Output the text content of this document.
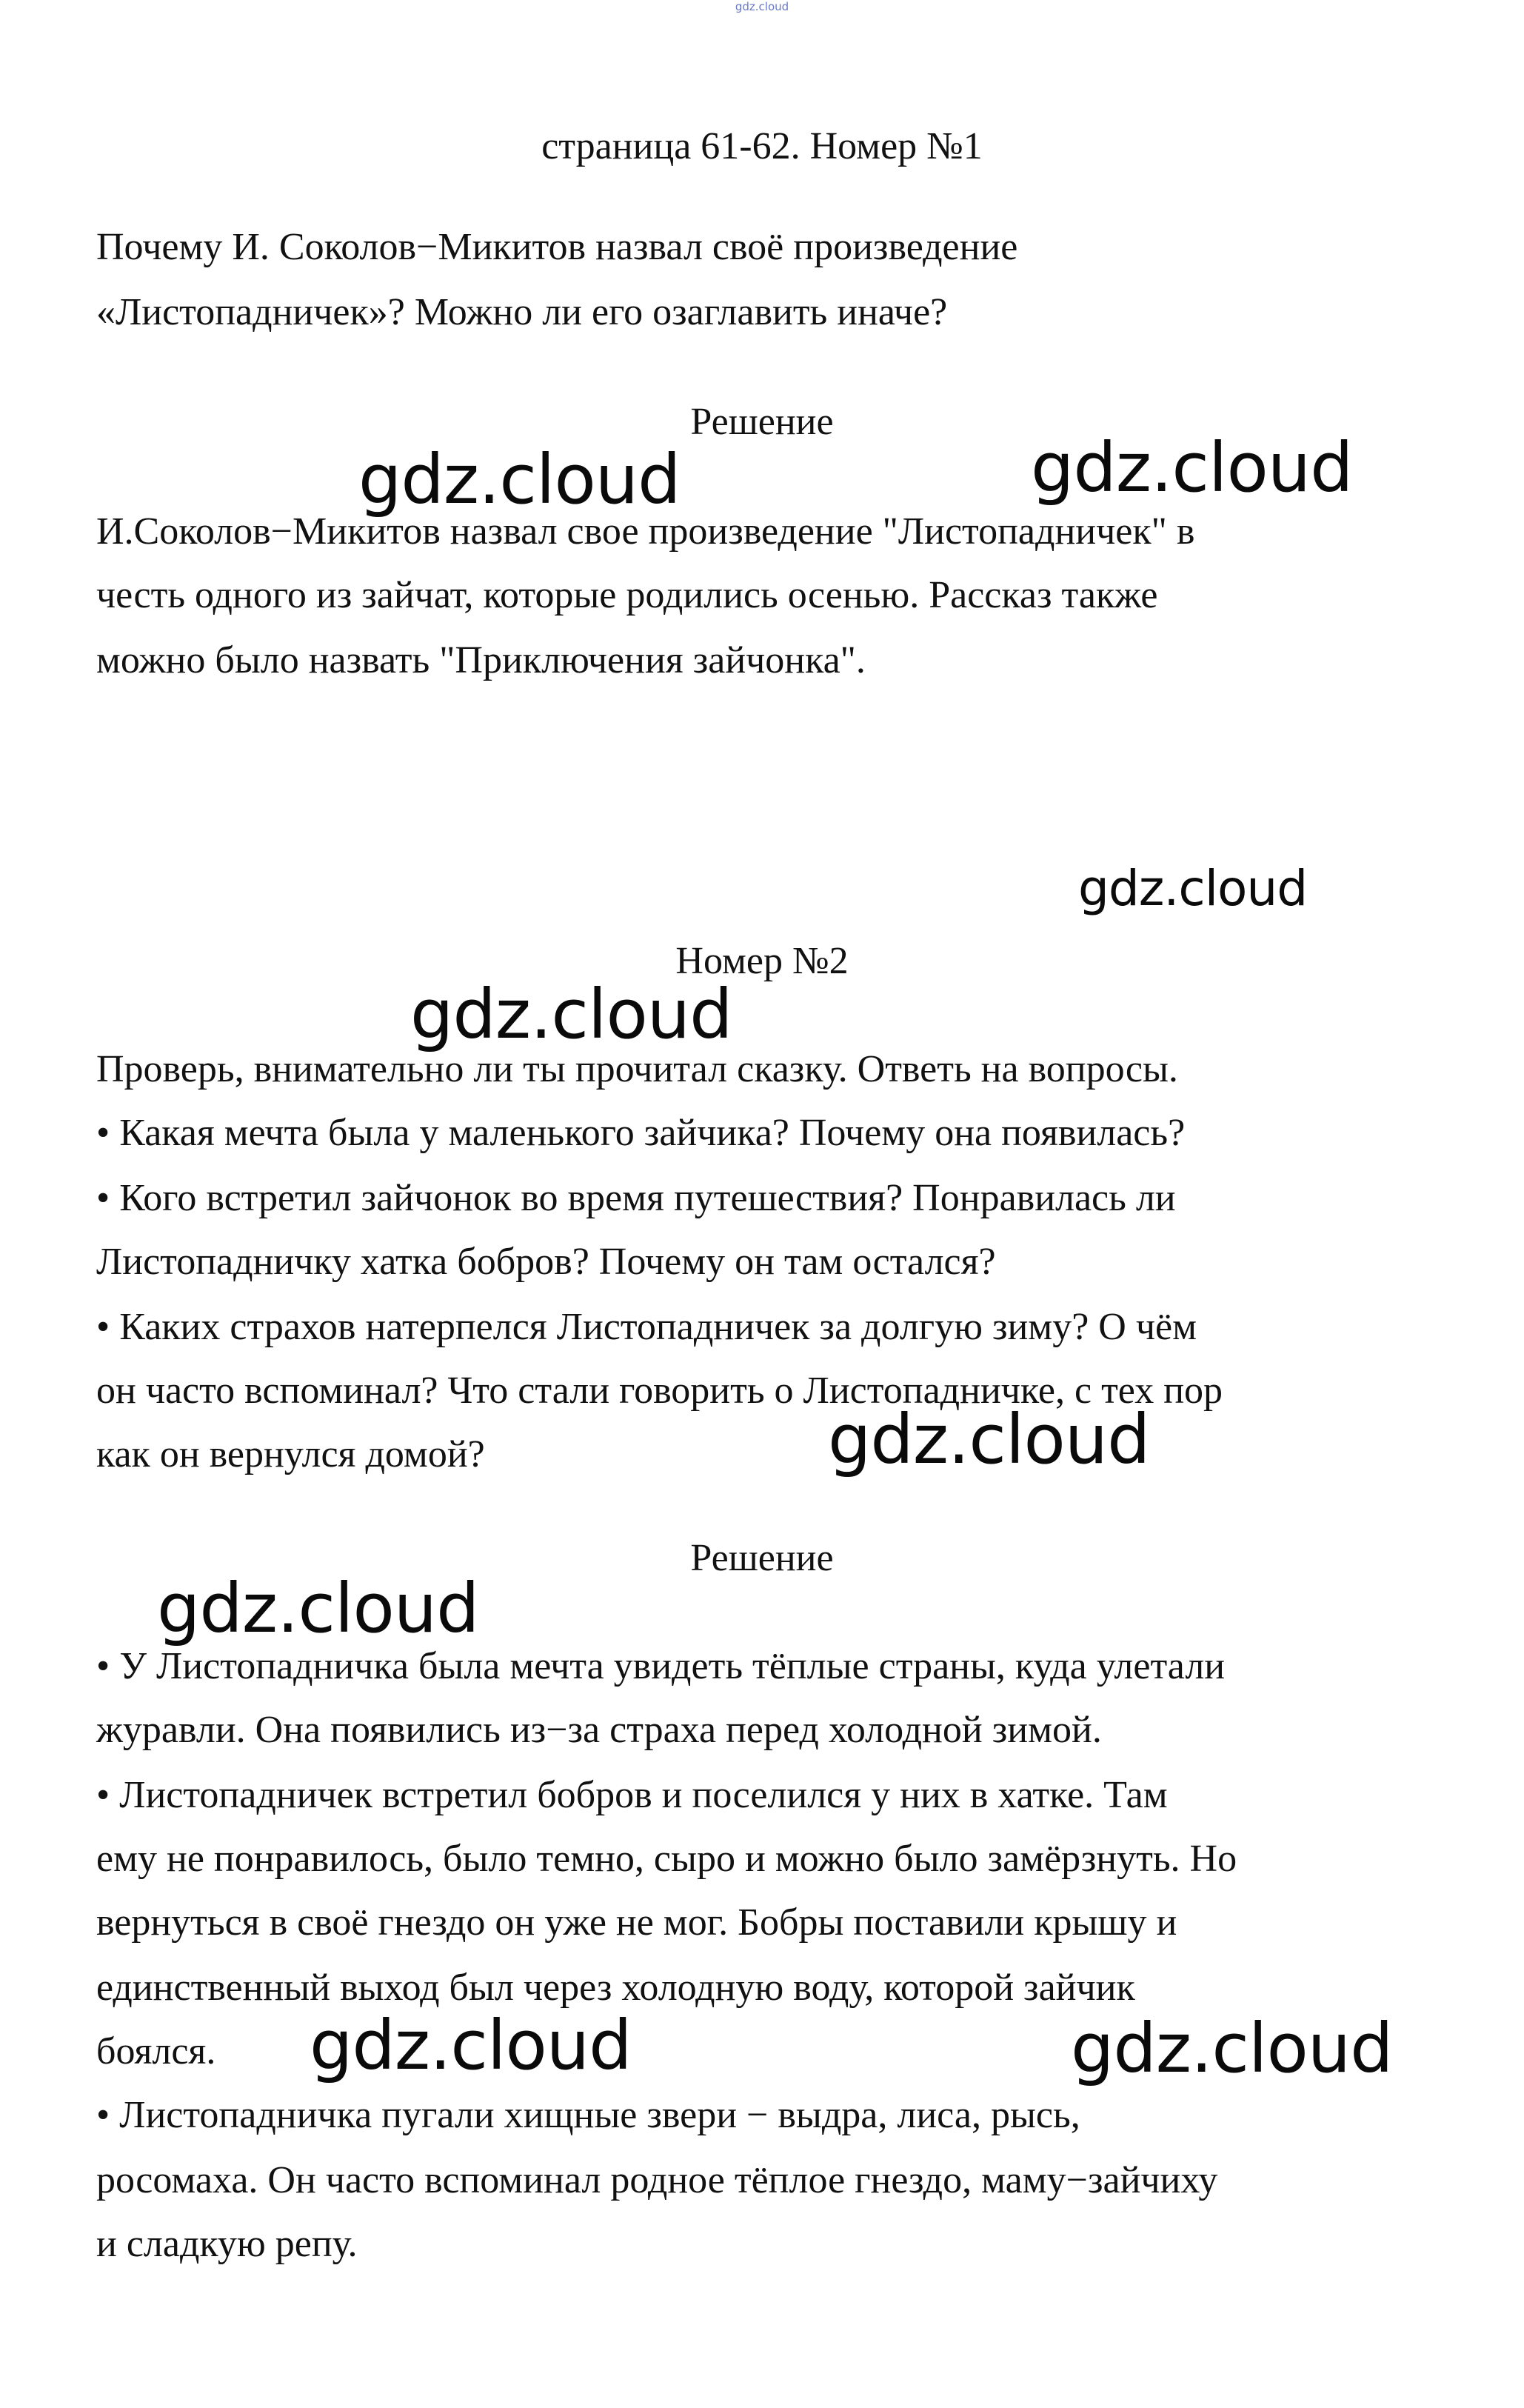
gdz.cloud
страница 61-62. Номер №1
Почему И. Соколов−Микитов назвал своё произведение
«Листопадничек»? Можно ли его озаглавить иначе?
Решение
И.Соколов−Микитов назвал свое произведение "Листопадничек" в
честь одного из зайчат, которые родились осенью. Рассказ также
можно было назвать "Приключения зайчонка".
Номер №2
Проверь, внимательно ли ты прочитал сказку. Ответь на вопросы.
• Какая мечта была у маленького зайчика? Почему она появилась?
• Кого встретил зайчонок во время путешествия? Понравилась ли
Листопадничку хатка бобров? Почему он там остался?
• Каких страхов натерпелся Листопадничек за долгую зиму? О чём
он часто вспоминал? Что стали говорить о Листопадничке, с тех пор
как он вернулся домой?
Решение
• У Листопадничка была мечта увидеть тёплые страны, куда улетали
журавли. Она появились из−за страха перед холодной зимой.
• Листопадничек встретил бобров и поселился у них в хатке. Там
ему не понравилось, было темно, сыро и можно было замёрзнуть. Но
вернуться в своё гнездо он уже не мог. Бобры поставили крышу и
единственный выход был через холодную воду, которой зайчик
боялся.
• Листопадничка пугали хищные звери − выдра, лиса, рысь,
росомаха. Он часто вспоминал родное тёплое гнездо, маму−зайчиху
и сладкую репу.
gdz.cloud	gdz.cloud
gdz.cloud
gdz.cloud
gdz.cloud
gdz.cloud
gdz.cloud	gdz.cloud
